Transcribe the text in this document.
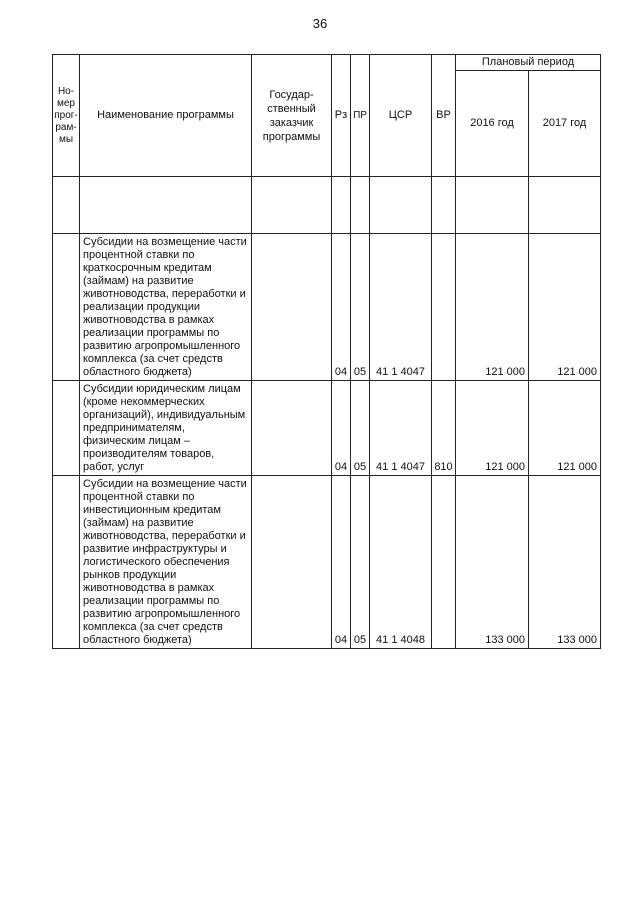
36
Но-
мер
прог-
рам-
мы	Наименование программы	Государ-
ственный
заказчик
программы	Рз	ПР	ЦСР	ВР	Плановый период	
							2016 год	2017 год

	Субсидии на возмещение части процентной ставки по краткосрочным кредитам (займам) на развитие животноводства, переработки и реализации продукции животноводства в рамках реализации программы по развитию агропромышленного комплекса (за счет средств областного бюджета)		04	05	41 1 4047		121 000	121 000
	Субсидии юридическим лицам (кроме некоммерческих организаций), индивидуальным предпринимателям, физическим лицам – производителям товаров, работ, услуг		04	05	41 1 4047	810	121 000	121 000
	Субсидии на возмещение части процентной ставки по инвестиционным кредитам (займам) на развитие животноводства, переработки и развитие инфраструктуры и логистического обеспечения рынков продукции животноводства в рамках реализации программы по развитию агропромышленного комплекса (за счет средств областного бюджета)		04	05	41 1 4048		133 000	133 000
